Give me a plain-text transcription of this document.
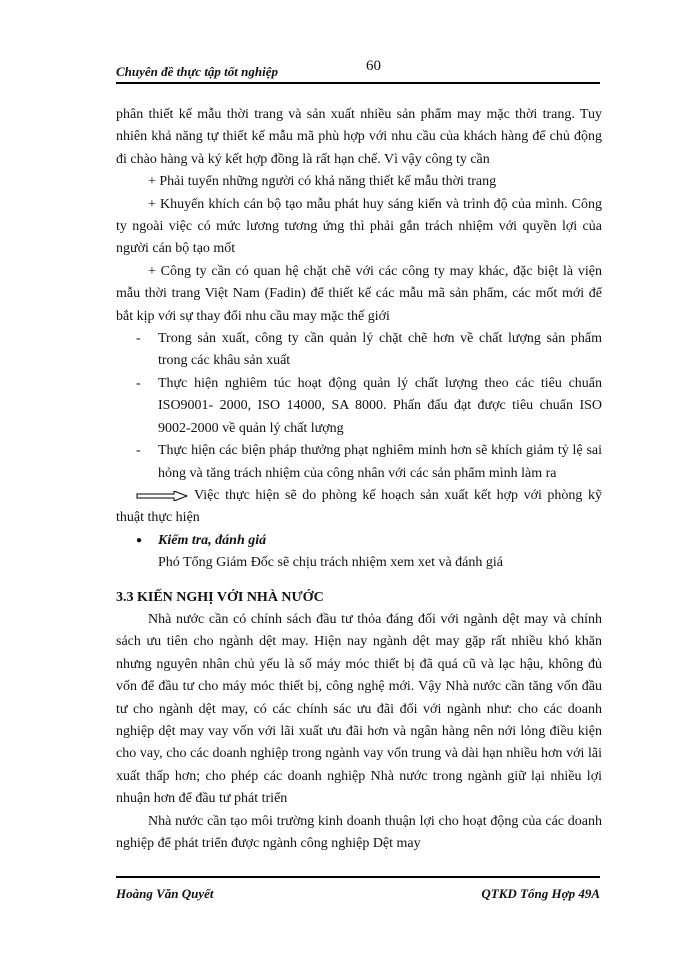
Chuyên đề thực tập tốt nghiệp	60

phân thiết kế mẫu thời trang và sản xuất nhiều sản phẩm may mặc thời trang. Tuy nhiên khả năng tự thiết kế mẫu mã phù hợp với nhu cầu của khách hàng để chủ động đi chào hàng và ký kết hợp đồng là rất hạn chế. Vì vậy công ty cần

+ Phải tuyển những người có khả năng thiết kế mẫu thời trang

+ Khuyến khích cán bộ tạo mẫu phát huy sáng kiến và trình độ của mình. Công ty ngoài việc có mức lương tương ứng thì phải gắn trách nhiệm với quyền lợi của người cán bộ tạo mốt

+ Công ty cần có quan hệ chặt chẽ với các công ty may khác, đặc biệt là viện mẫu thời trang Việt Nam (Fadin) để thiết kế các mẫu mã sản phẩm, các mốt mới để bắt kịp với sự thay đổi nhu cầu may mặc thế giới

-	Trong sản xuất, công ty cần quản lý chặt chẽ hơn về chất lượng sản phẩm trong các khâu sản xuất
-	Thực hiện nghiêm túc hoạt động quản lý chất lượng theo các tiêu chuẩn ISO9001- 2000, ISO 14000, SA 8000. Phấn đấu đạt được tiêu chuẩn ISO 9002-2000 về quản lý chất lượng
-	Thực hiện các biện pháp thưởng phạt nghiêm minh hơn sẽ khích giảm tỷ lệ sai hỏng và tăng trách nhiệm của công nhân với các sản phẩm mình làm ra

Việc thực hiện sẽ do phòng kế hoạch sản xuất kết hợp với phòng kỹ thuật thực hiện

●	Kiểm tra, đánh giá

Phó Tổng Giám Đốc sẽ chịu trách nhiệm xem xet và đánh giá

3.3 KIẾN NGHỊ VỚI NHÀ NƯỚC

Nhà nước cần có chính sách đầu tư thỏa đáng đối với ngành dệt may và chính sách ưu tiên cho ngành dệt may. Hiện nay ngành dệt may gặp rất nhiều khó khăn nhưng nguyên nhân chủ yếu là số máy móc thiết bị đã quá cũ và lạc hậu, không đủ vốn để đầu tư cho máy móc thiết bị, công nghệ mới. Vậy Nhà nước cần tăng vốn đầu tư cho ngành dệt may, có các chính sác ưu đãi đối với ngành như: cho các doanh nghiệp dệt may vay vốn với lãi xuất ưu đãi hơn và ngân hàng nên nới lỏng điều kiện cho vay, cho các doanh nghiệp trong ngành vay vốn trung và dài hạn nhiều hơn với lãi xuất thấp hơn; cho phép các doanh nghiệp Nhà nước trong ngành giữ lại nhiều lợi nhuận hơn để đầu tư phát triển

Nhà nước cần tạo môi trường kinh doanh thuận lợi cho hoạt động của các doanh nghiệp để phát triển được ngành công nghiệp Dệt may

Hoàng Văn Quyết	QTKD Tổng Hợp 49A
